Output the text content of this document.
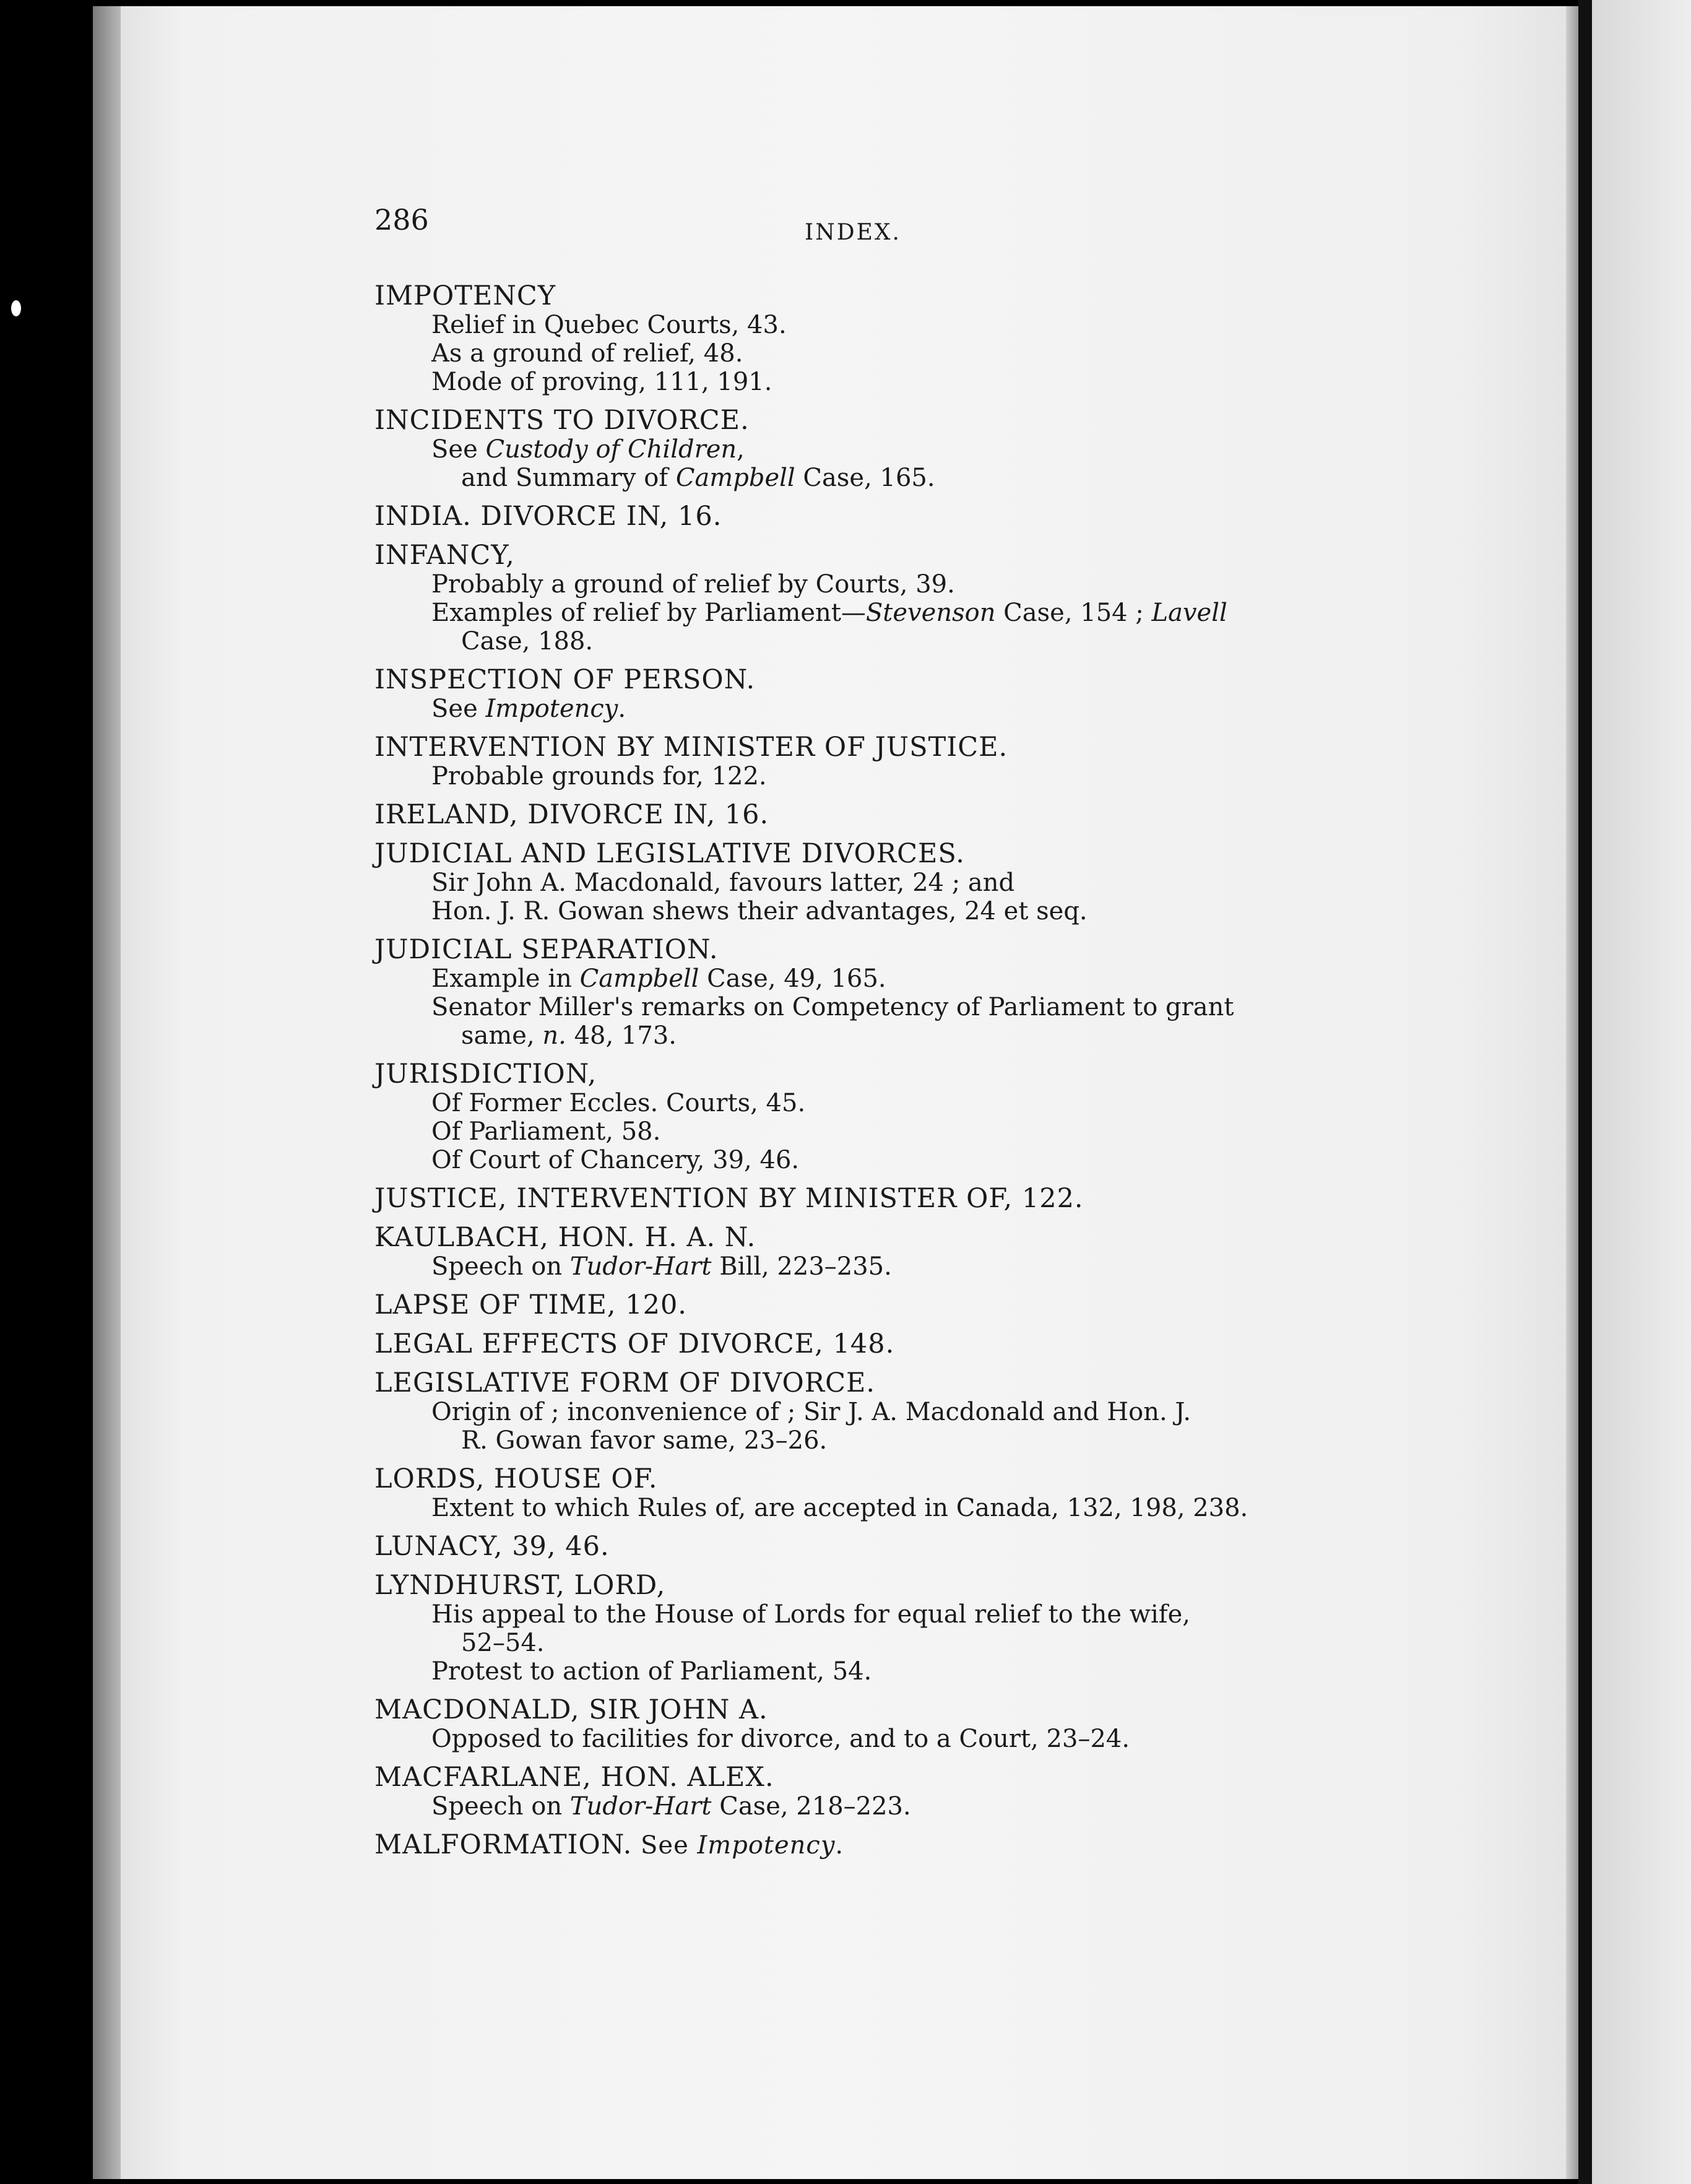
286	INDEX.
IMPOTENCY
Relief in Quebec Courts, 43.
As a ground of relief, 48.
Mode of proving, 111, 191.
INCIDENTS TO DIVORCE.
See Custody of Children,
and Summary of Campbell Case, 165.
INDIA. DIVORCE IN, 16.
INFANCY,
Probably a ground of relief by Courts, 39.
Examples of relief by Parliament—Stevenson Case, 154 ; Lavell
Case, 188.
INSPECTION OF PERSON.
See Impotency.
INTERVENTION BY MINISTER OF JUSTICE.
Probable grounds for, 122.
IRELAND, DIVORCE IN, 16.
JUDICIAL AND LEGISLATIVE DIVORCES.
Sir John A. Macdonald, favours latter, 24 ; and
Hon. J. R. Gowan shews their advantages, 24 et seq.
JUDICIAL SEPARATION.
Example in Campbell Case, 49, 165.
Senator Miller's remarks on Competency of Parliament to grant
same, n. 48, 173.
JURISDICTION,
Of Former Eccles. Courts, 45.
Of Parliament, 58.
Of Court of Chancery, 39, 46.
JUSTICE, INTERVENTION BY MINISTER OF, 122.
KAULBACH, HON. H. A. N.
Speech on Tudor-Hart Bill, 223–235.
LAPSE OF TIME, 120.
LEGAL EFFECTS OF DIVORCE, 148.
LEGISLATIVE FORM OF DIVORCE.
Origin of ; inconvenience of ; Sir J. A. Macdonald and Hon. J.
R. Gowan favor same, 23–26.
LORDS, HOUSE OF.
Extent to which Rules of, are accepted in Canada, 132, 198, 238.
LUNACY, 39, 46.
LYNDHURST, LORD,
His appeal to the House of Lords for equal relief to the wife,
52–54.
Protest to action of Parliament, 54.
MACDONALD, SIR JOHN A.
Opposed to facilities for divorce, and to a Court, 23–24.
MACFARLANE, HON. ALEX.
Speech on Tudor-Hart Case, 218–223.
MALFORMATION. See Impotency.
